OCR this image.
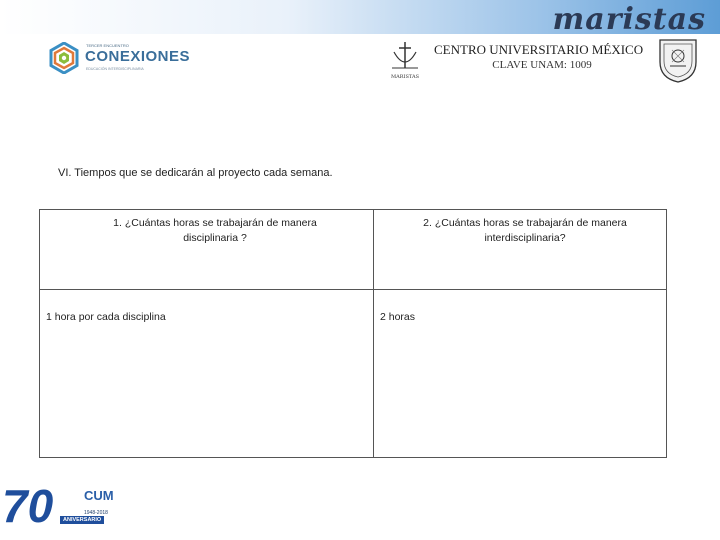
maristas
TERCER ENCUENTRO
CONEXIONES
EDUCACIÓN INTERDISCIPLINARIA
MARISTAS
CENTRO UNIVERSITARIO MÉXICO
CLAVE UNAM: 1009
VI. Tiempos que se dedicarán al proyecto cada semana.
1. ¿Cuántas horas se trabajarán de manera disciplinaria ?
2. ¿Cuántas horas se trabajarán de manera interdisciplinaria?
1 hora por cada disciplina	2 horas
70 CUM
1948-2018
ANIVERSARIO
